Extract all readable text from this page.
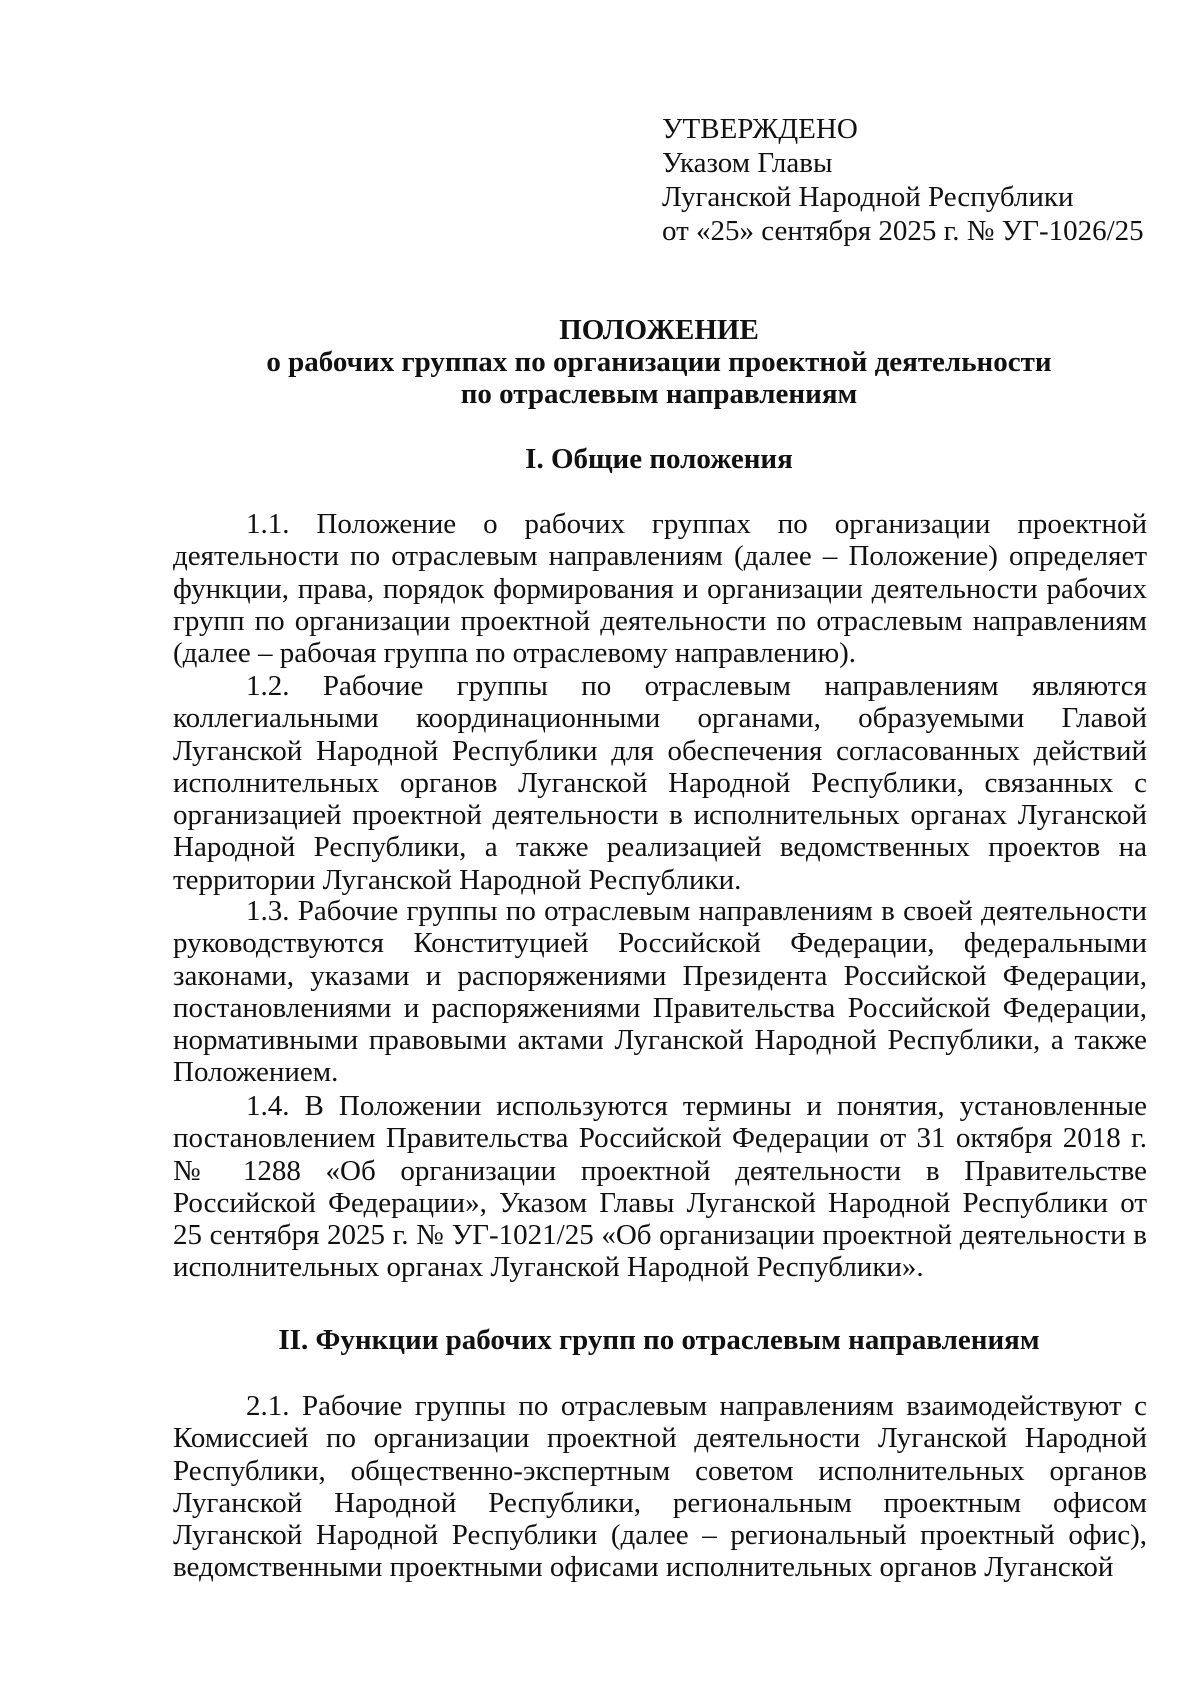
УТВЕРЖДЕНО
Указом Главы
Луганской Народной Республики
от «25» сентября 2025 г. № УГ-1026/25
ПОЛОЖЕНИЕ
о рабочих группах по организации проектной деятельности
по отраслевым направлениям
I. Общие положения

1.1. Положение о рабочих группах по организации проектной деятельности по отраслевым направлениям (далее – Положение) определяет функции, права, порядок формирования и организации деятельности рабочих групп по организации проектной деятельности по отраслевым направлениям (далее – рабочая группа по отраслевому направлению).

1.2. Рабочие группы по отраслевым направлениям являются коллегиальными координационными органами, образуемыми Главой Луганской Народной Республики для обеспечения согласованных действий исполнительных органов Луганской Народной Республики, связанных с организацией проектной деятельности в исполнительных органах Луганской Народной Республики, а также реализацией ведомственных проектов на территории Луганской Народной Республики.

1.3. Рабочие группы по отраслевым направлениям в своей деятельности руководствуются Конституцией Российской Федерации, федеральными законами, указами и распоряжениями Президента Российской Федерации, постановлениями и распоряжениями Правительства Российской Федерации, нормативными правовыми актами Луганской Народной Республики, а также Положением.

1.4. В Положении используются термины и понятия, установленные постановлением Правительства Российской Федерации от 31 октября 2018 г. № 1288 «Об организации проектной деятельности в Правительстве Российской Федерации», Указом Главы Луганской Народной Республики от 25 сентября 2025 г. № УГ-1021/25 «Об организации проектной деятельности в исполнительных органах Луганской Народной Республики».

II. Функции рабочих групп по отраслевым направлениям

2.1. Рабочие группы по отраслевым направлениям взаимодействуют с Комиссией по организации проектной деятельности Луганской Народной Республики, общественно-экспертным советом исполнительных органов Луганской Народной Республики, региональным проектным офисом Луганской Народной Республики (далее – региональный проектный офис), ведомственными проектными офисами исполнительных органов Луганской
